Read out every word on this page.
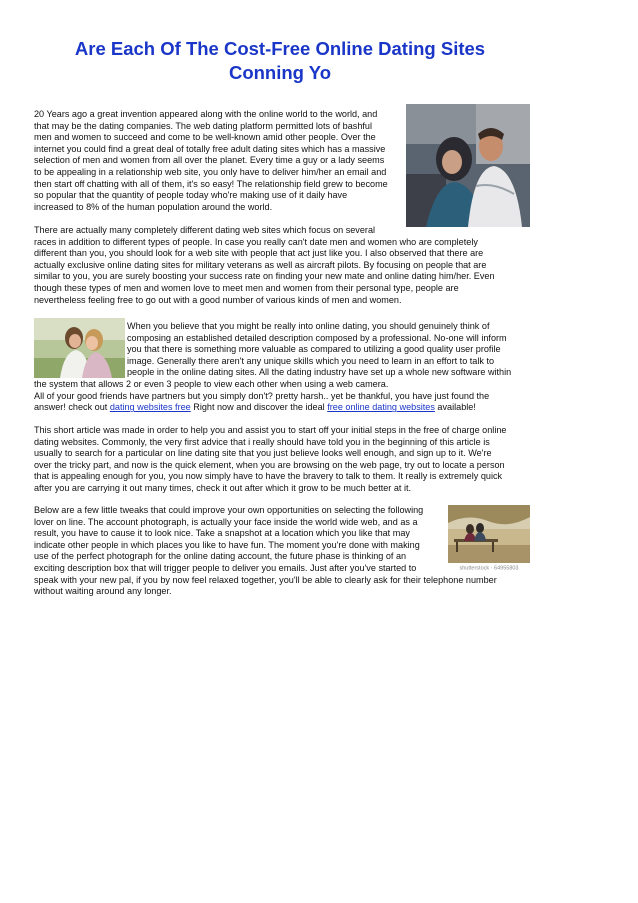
Are Each Of The Cost-Free Online Dating Sites
Conning Yo
20 Years ago a great invention appeared along with the online world to the world, and
that may be the dating companies. The web dating platform permitted lots of bashful
men and women to succeed and come to be well-known amid other people. Over the
internet you could find a great deal of totally free adult dating sites which has a massive
selection of men and women from all over the planet. Every time a guy or a lady seems
to be appealing in a relationship web site, you only have to deliver him/her an email and
then start off chatting with all of them, it's so easy! The relationship field grew to become
so popular that the quantity of people today who're making use of it daily have
increased to 8% of the human population around the world.
There are actually many completely different dating web sites which focus on several
races in addition to different types of people. In case you really can't date men and women who are completely
different than you, you should look for a web site with people that act just like you. I also observed that there are
actually exclusive online dating sites for military veterans as well as aircraft pilots. By focusing on people that are
similar to you, you are surely boosting your success rate on finding your new mate and online dating him/her. Even
though these types of men and women love to meet men and women from their personal type, people are
nevertheless feeling free to go out with a good number of various kinds of men and women.
When you believe that you might be really into online dating, you should genuinely think of
composing an established detailed description composed by a professional. No-one will inform
you that there is something more valuable as compared to utilizing a good quality user profile
image. Generally there aren't any unique skills which you need to learn in an effort to talk to
people in the online dating sites. All the dating industry have set up a whole new software within
the system that allows 2 or even 3 people to view each other when using a web camera.
All of your good friends have partners but you simply don't? pretty harsh.. yet be thankful, you have just found the
answer! check out dating websites free Right now and discover the ideal free online dating websites available!
This short article was made in order to help you and assist you to start off your initial steps in the free of charge online
dating websites. Commonly, the very first advice that i really should have told you in the beginning of this article is
usually to search for a particular on line dating site that you just believe looks well enough, and sign up to it. We're
over the tricky part, and now is the quick element, when you are browsing on the web page, try out to locate a person
that is appealing enough for you, you now simply have to have the bravery to talk to them. It really is extremely quick
after you are carrying it out many times, check it out after which it grow to be much better at it.
shutterstock · 64955803
Below are a few little tweaks that could improve your own opportunities on selecting the following
lover on line. The account photograph, is actually your face inside the world wide web, and as a
result, you have to cause it to look nice. Take a snapshot at a location which you like that may
indicate other people in which places you like to have fun. The moment you're done with making
use of the perfect photograph for the online dating account, the future phase is thinking of an
exciting description box that will trigger people to deliver you emails. Just after you've started to
speak with your new pal, if you by now feel relaxed together, you'll be able to clearly ask for their telephone number
without waiting around any longer.
